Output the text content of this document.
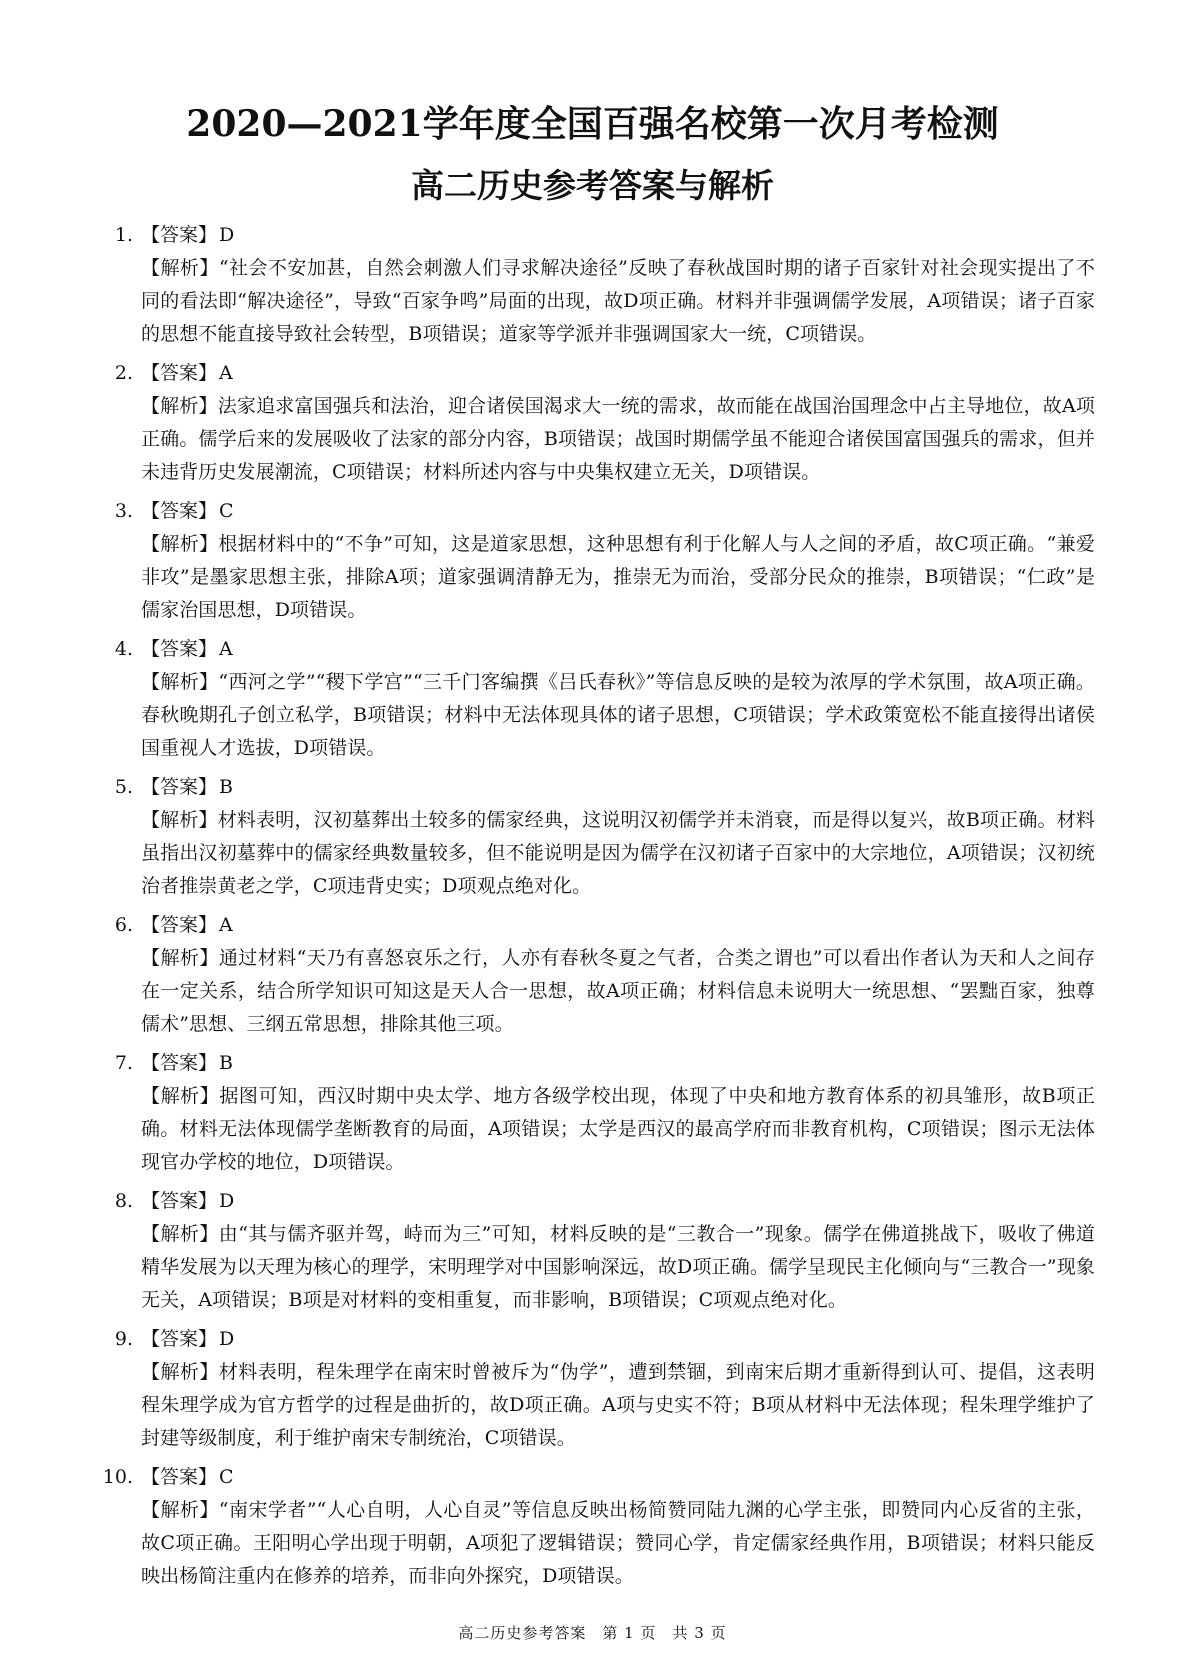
2020—2021学年度全国百强名校第一次月考检测
高二历史参考答案与解析
1. 【答案】 D

【解析】“社会不安加甚，自然会刺激人们寻求解决途径”反映了春秋战国时期的诸子百家针对社会现实提出了不同的看法即“解决途径”，导致“百家争鸣”局面的出现，故D项正确。材料并非强调儒学发展，A项错误；诸子百家的思想不能直接导致社会转型，B项错误；道家等学派并非强调国家大一统，C项错误。

2. 【答案】 A

【解析】法家追求富国强兵和法治，迎合诸侯国渴求大一统的需求，故而能在战国治国理念中占主导地位，故A项正确。儒学后来的发展吸收了法家的部分内容，B项错误；战国时期儒学虽不能迎合诸侯国富国强兵的需求，但并未违背历史发展潮流，C项错误；材料所述内容与中央集权建立无关，D项错误。

3. 【答案】 C

【解析】根据材料中的“不争”可知，这是道家思想，这种思想有利于化解人与人之间的矛盾，故C项正确。“兼爱非攻”是墨家思想主张，排除A项；道家强调清静无为，推崇无为而治，受部分民众的推崇，B项错误；“仁政”是儒家治国思想，D项错误。

4. 【答案】 A

【解析】“西河之学”“稷下学宫”“三千门客编撰《吕氏春秋》”等信息反映的是较为浓厚的学术氛围，故A项正确。春秋晚期孔子创立私学，B项错误；材料中无法体现具体的诸子思想，C项错误；学术政策宽松不能直接得出诸侯国重视人才选拔，D项错误。

5. 【答案】 B

【解析】材料表明，汉初墓葬出土较多的儒家经典，这说明汉初儒学并未消衰，而是得以复兴，故B项正确。材料虽指出汉初墓葬中的儒家经典数量较多，但不能说明是因为儒学在汉初诸子百家中的大宗地位，A项错误；汉初统治者推崇黄老之学，C项违背史实；D项观点绝对化。

6. 【答案】 A

【解析】通过材料“天乃有喜怒哀乐之行，人亦有春秋冬夏之气者，合类之谓也”可以看出作者认为天和人之间存在一定关系，结合所学知识可知这是天人合一思想，故A项正确；材料信息未说明大一统思想、“罢黜百家，独尊儒术”思想、三纲五常思想，排除其他三项。

7. 【答案】 B

【解析】据图可知，西汉时期中央太学、地方各级学校出现，体现了中央和地方教育体系的初具雏形，故B项正确。材料无法体现儒学垄断教育的局面，A项错误；太学是西汉的最高学府而非教育机构，C项错误；图示无法体现官办学校的地位，D项错误。

8. 【答案】 D

【解析】由“其与儒齐驱并驾，峙而为三”可知，材料反映的是“三教合一”现象。儒学在佛道挑战下，吸收了佛道精华发展为以天理为核心的理学，宋明理学对中国影响深远，故D项正确。儒学呈现民主化倾向与“三教合一”现象无关，A项错误；B项是对材料的变相重复，而非影响，B项错误；C项观点绝对化。

9. 【答案】 D

【解析】材料表明，程朱理学在南宋时曾被斥为“伪学”，遭到禁锢，到南宋后期才重新得到认可、提倡，这表明程朱理学成为官方哲学的过程是曲折的，故D项正确。A项与史实不符；B项从材料中无法体现；程朱理学维护了封建等级制度，利于维护南宋专制统治，C项错误。

10. 【答案】 C

【解析】“南宋学者”“人心自明，人心自灵”等信息反映出杨简赞同陆九渊的心学主张，即赞同内心反省的主张，故C项正确。王阳明心学出现于明朝，A项犯了逻辑错误；赞同心学，肯定儒家经典作用，B项错误；材料只能反映出杨简注重内在修养的培养，而非向外探究，D项错误。

高二历史参考答案　第 1 页　共 3 页
